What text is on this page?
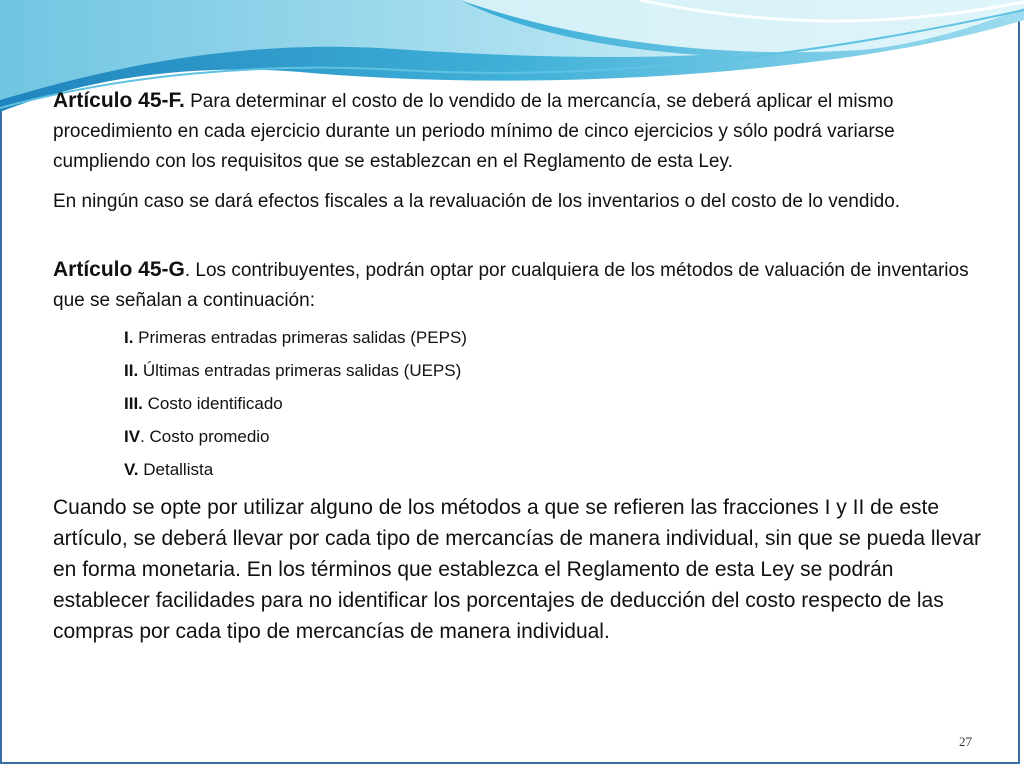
Artículo 45-F. Para determinar el costo de lo vendido de la mercancía, se deberá aplicar el mismo procedimiento en cada ejercicio durante un periodo mínimo de cinco ejercicios y sólo podrá variarse cumpliendo con los requisitos que se establezcan en el Reglamento de esta Ley.

En ningún caso se dará efectos fiscales a la revaluación de los inventarios o del costo de lo vendido.

Artículo 45-G. Los contribuyentes, podrán optar por cualquiera de los métodos de valuación de inventarios que se señalan a continuación:

I. Primeras entradas primeras salidas (PEPS)
II. Últimas entradas primeras salidas (UEPS)
III. Costo identificado
IV. Costo promedio
V. Detallista

Cuando se opte por utilizar alguno de los métodos a que se refieren las fracciones I y II de este artículo, se deberá llevar por cada tipo de mercancías de manera individual, sin que se pueda llevar en forma monetaria. En los términos que establezca el Reglamento de esta Ley se podrán establecer facilidades para no identificar los porcentajes de deducción del costo respecto de las compras por cada tipo de mercancías de manera individual.

27
